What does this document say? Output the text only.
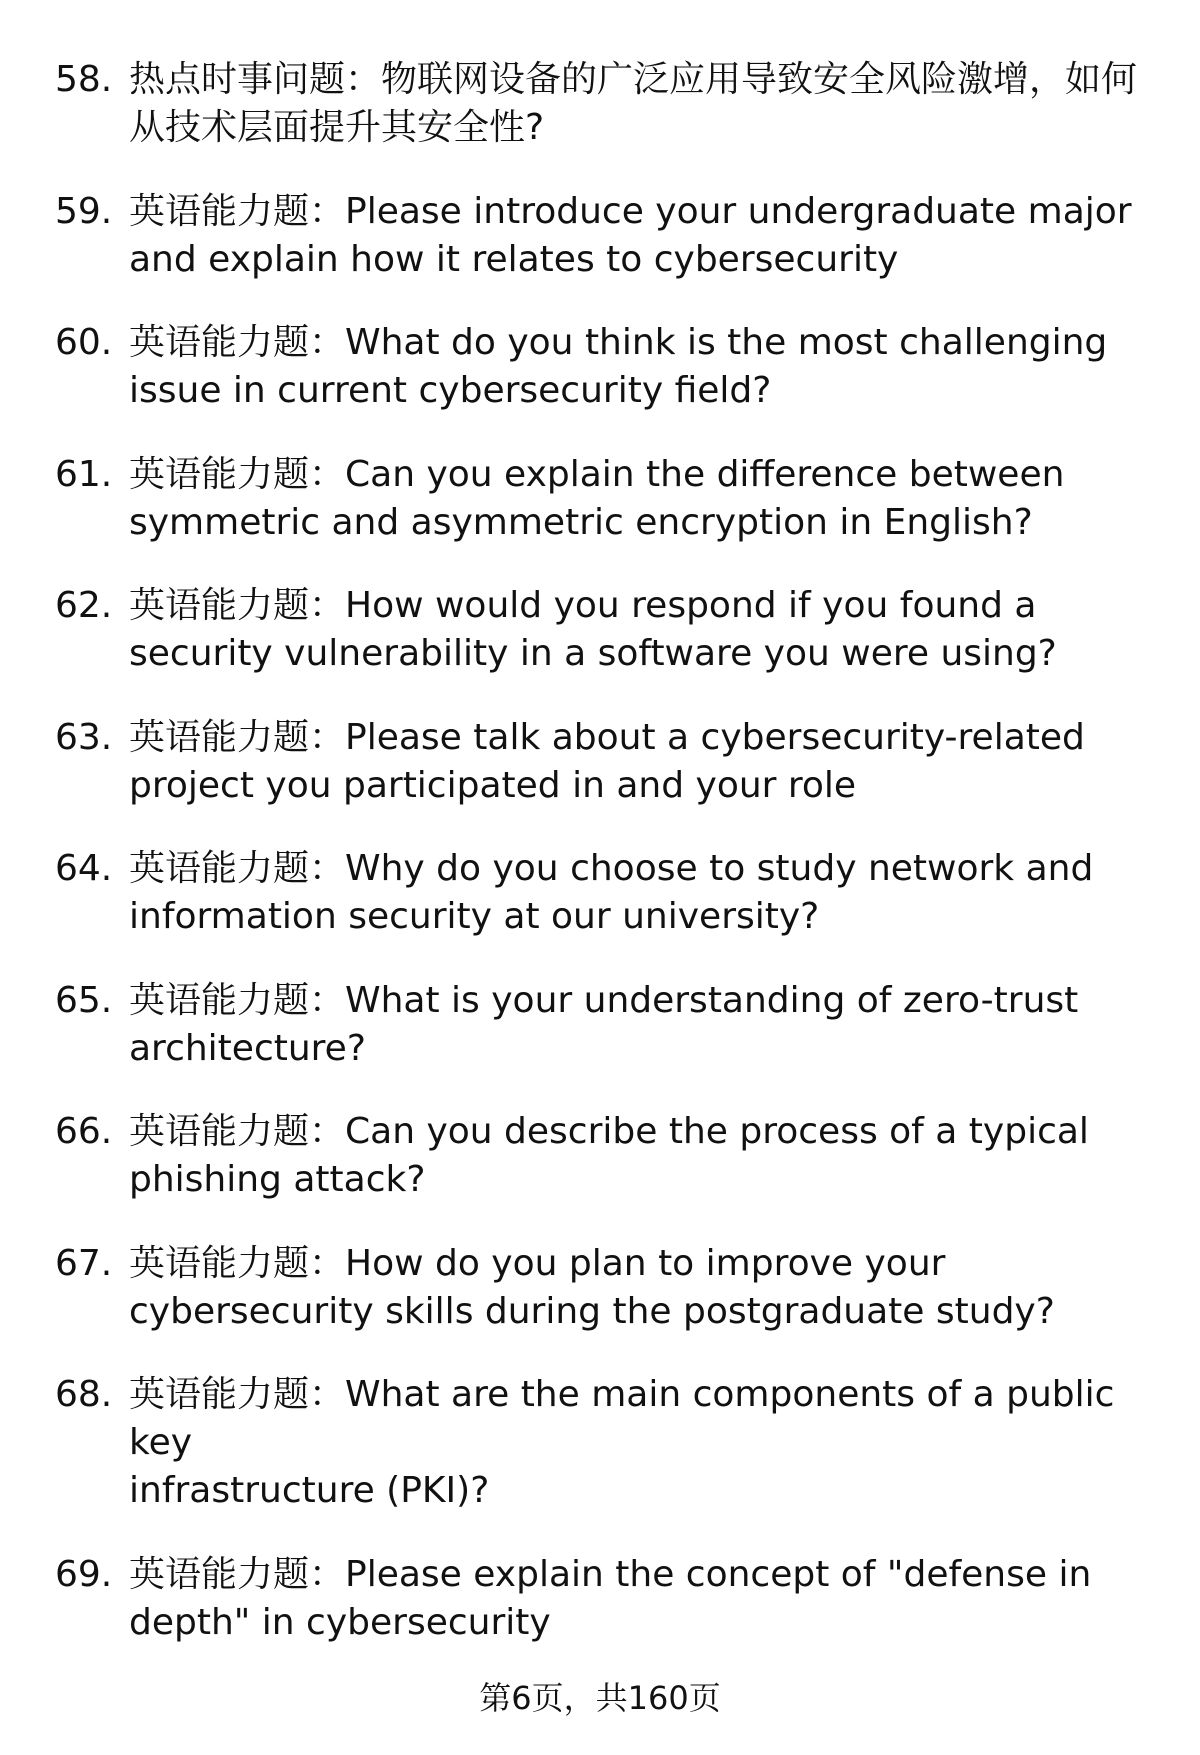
58. 热点时事问题：物联网设备的广泛应用导致安全风险激增，如何
从技术层面提升其安全性?
59. 英语能力题：Please introduce your undergraduate major
and explain how it relates to cybersecurity
60. 英语能力题：What do you think is the most challenging
issue in current cybersecurity field?
61. 英语能力题：Can you explain the difference between
symmetric and asymmetric encryption in English?
62. 英语能力题：How would you respond if you found a
security vulnerability in a software you were using?
63. 英语能力题：Please talk about a cybersecurity-related
project you participated in and your role
64. 英语能力题：Why do you choose to study network and
information security at our university?
65. 英语能力题：What is your understanding of zero-trust
architecture?
66. 英语能力题：Can you describe the process of a typical
phishing attack?
67. 英语能力题：How do you plan to improve your
cybersecurity skills during the postgraduate study?
68. 英语能力题：What are the main components of a public key
infrastructure (PKI)?
69. 英语能力题：Please explain the concept of "defense in
depth" in cybersecurity
第6页，共160页
